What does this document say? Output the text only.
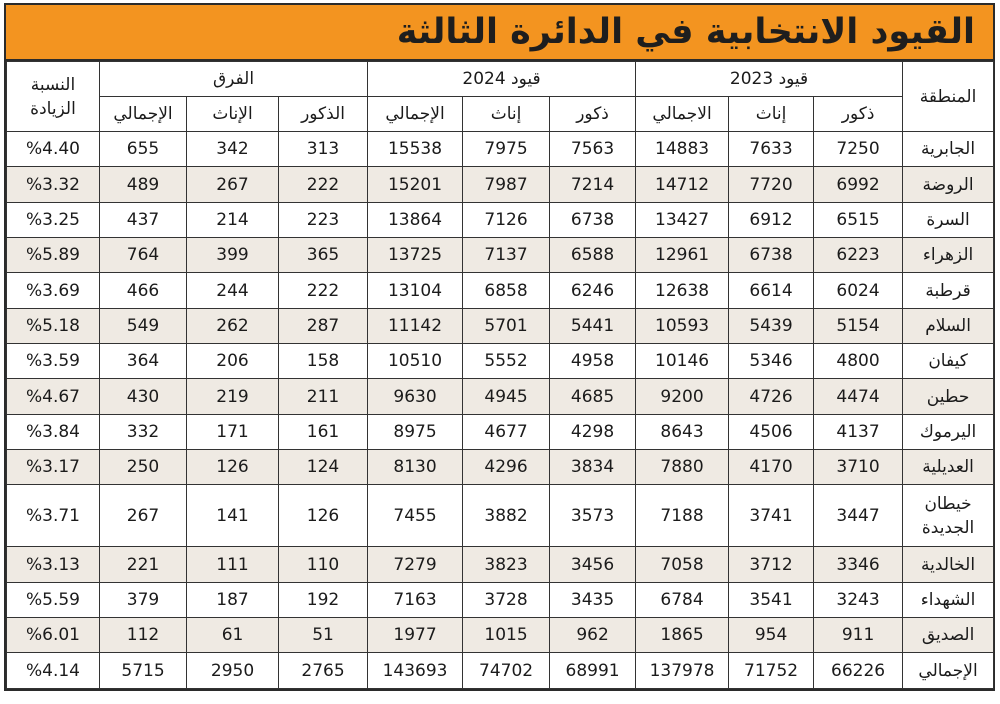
القيود الانتخابية في الدائرة الثالثة
المنطقة	قيود 2023			قيود 2024			الفرق			النسبة الزيادة
	ذكور	إناث	الاجمالي	ذكور	إناث	الإجمالي	الذكور	الإناث	الإجمالي	
الجابرية	7250	7633	14883	7563	7975	15538	313	342	655	%4.40
الروضة	6992	7720	14712	7214	7987	15201	222	267	489	%3.32
السرة	6515	6912	13427	6738	7126	13864	223	214	437	%3.25
الزهراء	6223	6738	12961	6588	7137	13725	365	399	764	%5.89
قرطبة	6024	6614	12638	6246	6858	13104	222	244	466	%3.69
السلام	5154	5439	10593	5441	5701	11142	287	262	549	%5.18
كيفان	4800	5346	10146	4958	5552	10510	158	206	364	%3.59
حطين	4474	4726	9200	4685	4945	9630	211	219	430	%4.67
اليرموك	4137	4506	8643	4298	4677	8975	161	171	332	%3.84
العديلية	3710	4170	7880	3834	4296	8130	124	126	250	%3.17
خيطان الجديدة	3447	3741	7188	3573	3882	7455	126	141	267	%3.71
الخالدية	3346	3712	7058	3456	3823	7279	110	111	221	%3.13
الشهداء	3243	3541	6784	3435	3728	7163	192	187	379	%5.59
الصديق	911	954	1865	962	1015	1977	51	61	112	%6.01
الإجمالي	66226	71752	137978	68991	74702	143693	2765	2950	5715	%4.14
